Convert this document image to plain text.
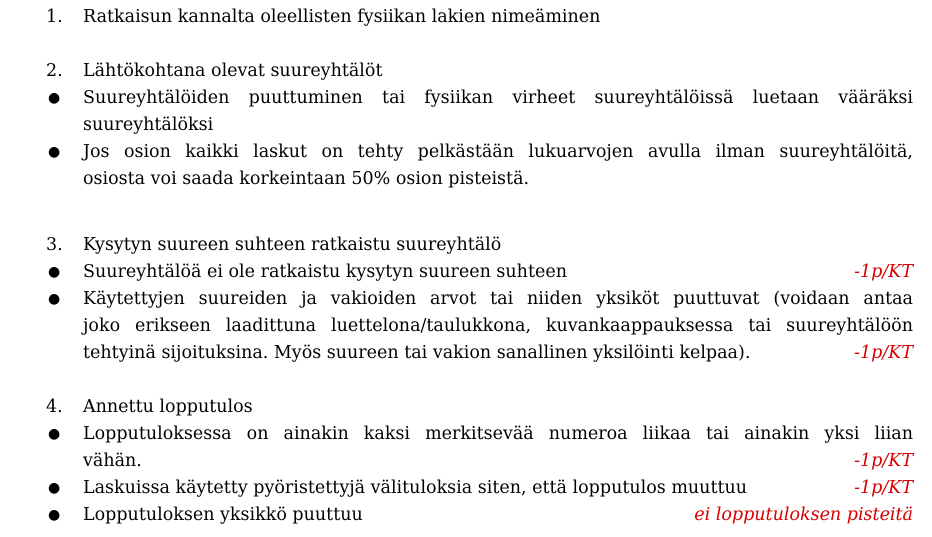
1. Ratkaisun kannalta oleellisten fysiikan lakien nimeäminen
2. Lähtökohtana olevat suureyhtälöt
● Suureyhtälöiden puuttuminen tai fysiikan virheet suureyhtälöissä luetaan vääräksi
suureyhtälöksi
● Jos osion kaikki laskut on tehty pelkästään lukuarvojen avulla ilman suureyhtälöitä,
osiosta voi saada korkeintaan 50% osion pisteistä.
3. Kysytyn suureen suhteen ratkaistu suureyhtälö
● Suureyhtälöä ei ole ratkaistu kysytyn suureen suhteen	-1p/KT
● Käytettyjen suureiden ja vakioiden arvot tai niiden yksiköt puuttuvat (voidaan antaa
joko erikseen laadittuna luettelona/taulukkona, kuvankaappauksessa tai suureyhtälöön
tehtyinä sijoituksina. Myös suureen tai vakion sanallinen yksilöinti kelpaa).	-1p/KT
4. Annettu lopputulos
● Lopputuloksessa on ainakin kaksi merkitsevää numeroa liikaa tai ainakin yksi liian
vähän.	-1p/KT
● Laskuissa käytetty pyöristettyjä välituloksia siten, että lopputulos muuttuu	-1p/KT
● Lopputuloksen yksikkö puuttuu	ei lopputuloksen pisteitä
